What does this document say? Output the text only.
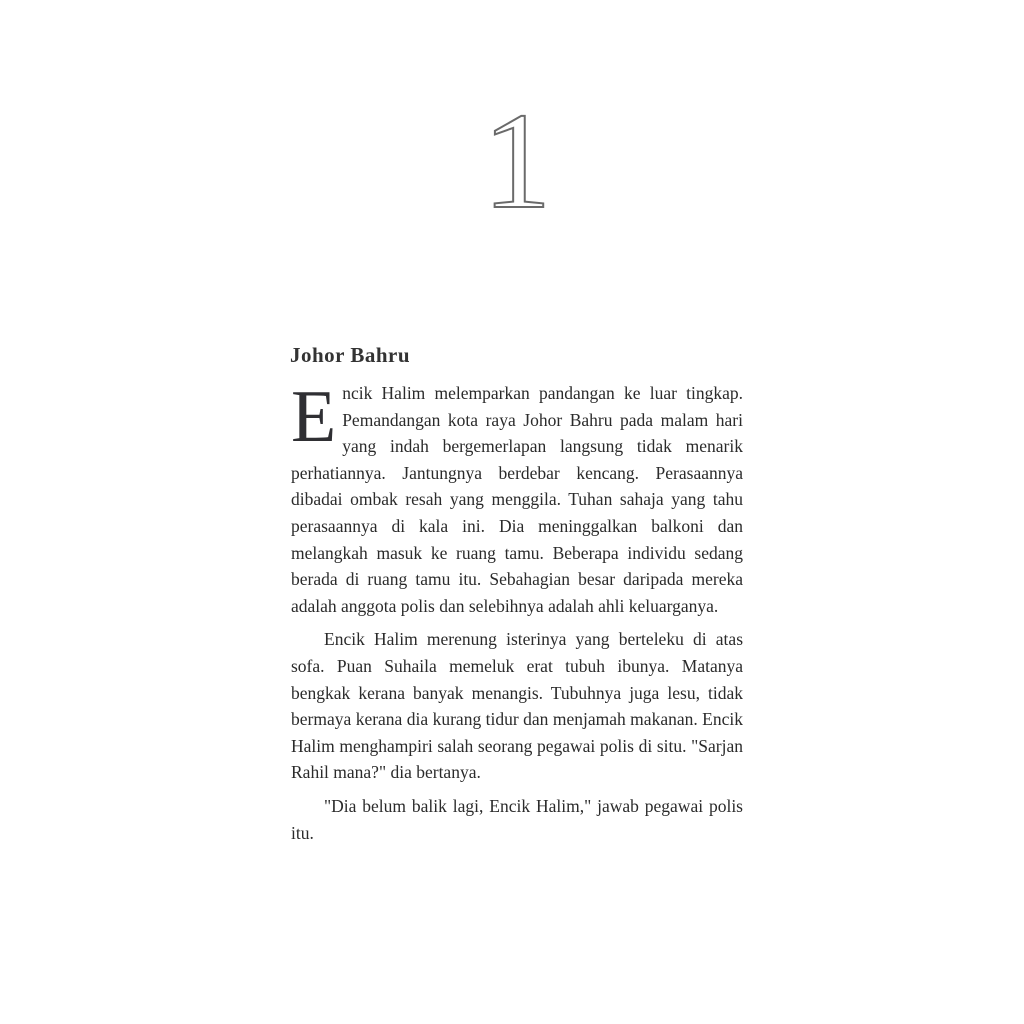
1
Johor Bahru

Encik Halim melemparkan pandangan ke luar tingkap. Pemandangan kota raya Johor Bahru pada malam hari yang indah bergemerlapan langsung tidak menarik perhatiannya. Jantungnya berdebar kencang. Perasaannya dibadai ombak resah yang menggila. Tuhan sahaja yang tahu perasaannya di kala ini. Dia meninggalkan balkoni dan melangkah masuk ke ruang tamu. Beberapa individu sedang berada di ruang tamu itu. Sebahagian besar daripada mereka adalah anggota polis dan selebihnya adalah ahli keluarganya.

Encik Halim merenung isterinya yang berteleku di atas sofa. Puan Suhaila memeluk erat tubuh ibunya. Matanya bengkak kerana banyak menangis. Tubuhnya juga lesu, tidak bermaya kerana dia kurang tidur dan menjamah makanan. Encik Halim menghampiri salah seorang pegawai polis di situ. "Sarjan Rahil mana?" dia bertanya.

"Dia belum balik lagi, Encik Halim," jawab pegawai polis itu.
